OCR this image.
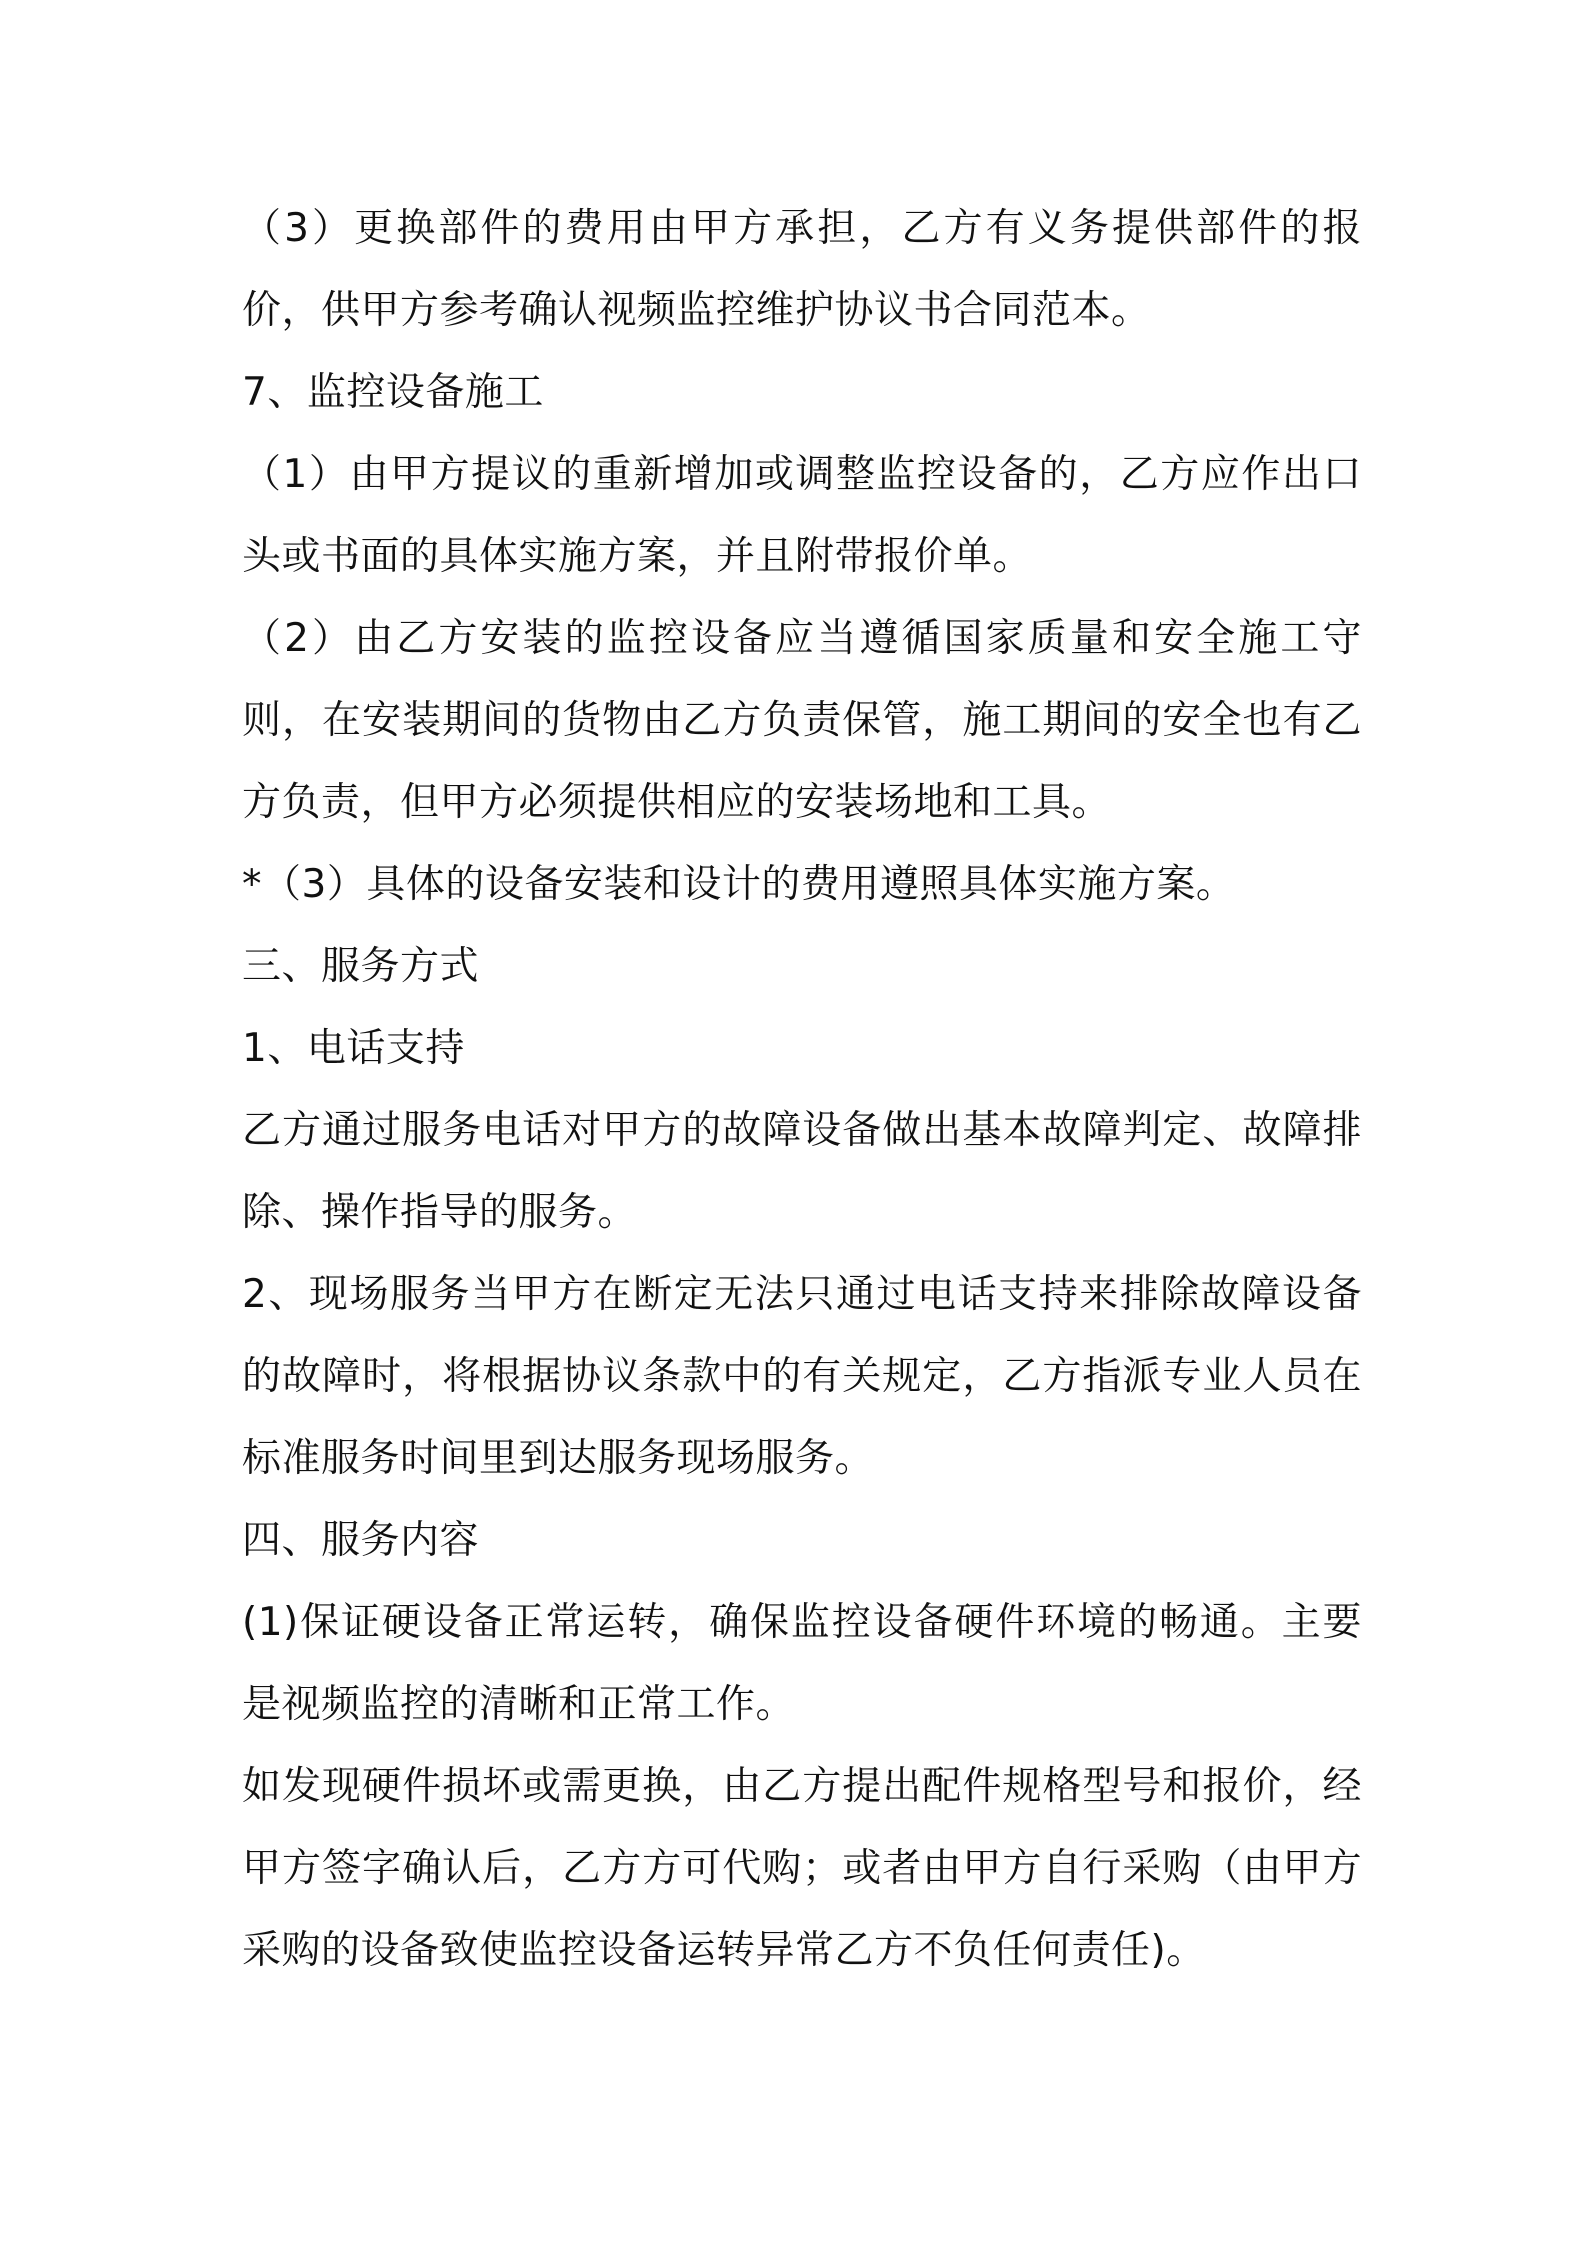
（3）更换部件的费用由甲方承担，乙方有义务提供部件的报价，供甲方参考确认视频监控维护协议书合同范本。

7、监控设备施工

（1）由甲方提议的重新增加或调整监控设备的，乙方应作出口头或书面的具体实施方案，并且附带报价单。

（2）由乙方安装的监控设备应当遵循国家质量和安全施工守则，在安装期间的货物由乙方负责保管，施工期间的安全也有乙方负责，但甲方必须提供相应的安装场地和工具。

*（3）具体的设备安装和设计的费用遵照具体实施方案。

三、服务方式

1、电话支持

乙方通过服务电话对甲方的故障设备做出基本故障判定、故障排除、操作指导的服务。

2、现场服务当甲方在断定无法只通过电话支持来排除故障设备的故障时，将根据协议条款中的有关规定，乙方指派专业人员在标准服务时间里到达服务现场服务。

四、服务内容

(1)保证硬设备正常运转，确保监控设备硬件环境的畅通。主要是视频监控的清晰和正常工作。

如发现硬件损坏或需更换，由乙方提出配件规格型号和报价，经甲方签字确认后，乙方方可代购；或者由甲方自行采购（由甲方采购的设备致使监控设备运转异常乙方不负任何责任)。
